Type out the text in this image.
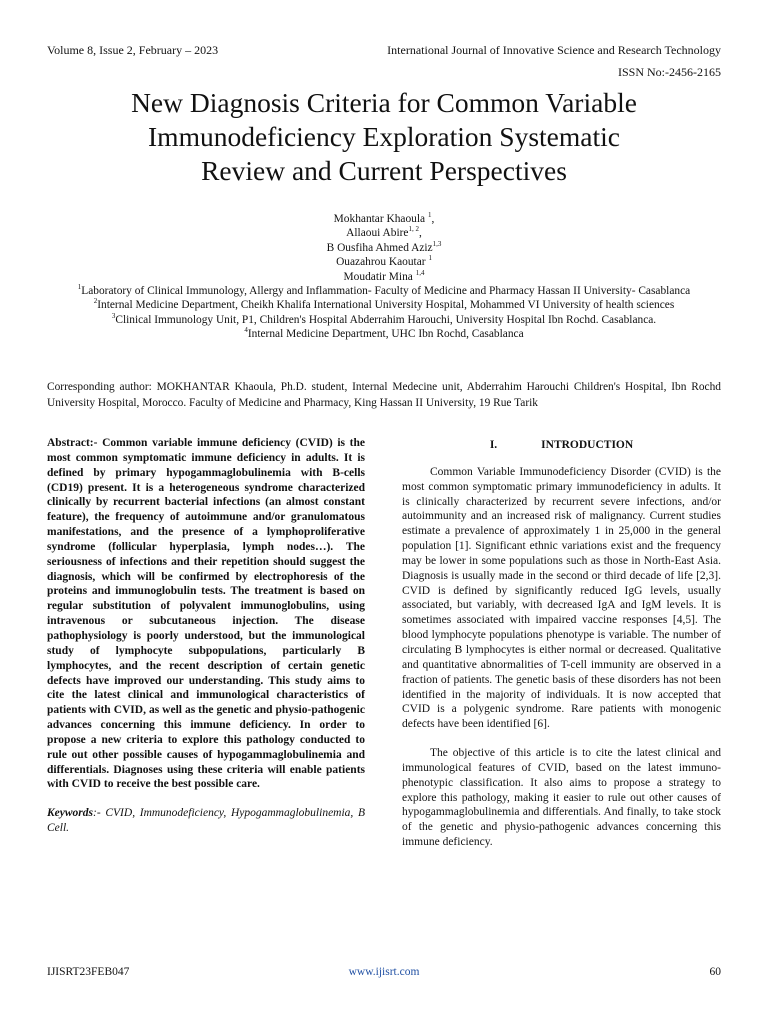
Volume 8, Issue 2, February – 2023	International Journal of Innovative Science and Research Technology
ISSN No:-2456-2165
New Diagnosis Criteria for Common Variable
Immunodeficiency Exploration Systematic
Review and Current Perspectives
Mokhantar Khaoula $^1$,
Allaoui Abire$^{1, 2}$,
B Ousfiha Ahmed Aziz$^{1,3}$
Ouazahrou Kaoutar $^1$
Moudatir Mina $^{1,4}$
$^1$Laboratory of Clinical Immunology, Allergy and Inflammation- Faculty of Medicine and Pharmacy Hassan II University- Casablanca
$^2$Internal Medicine Department, Cheikh Khalifa International University Hospital, Mohammed VI University of health sciences
$^3$Clinical Immunology Unit, P1, Children's Hospital Abderrahim Harouchi, University Hospital Ibn Rochd. Casablanca.
$^4$Internal Medicine Department, UHC Ibn Rochd, Casablanca
Corresponding author: MOKHANTAR Khaoula, Ph.D. student, Internal Medecine unit, Abderrahim Harouchi Children's Hospital, Ibn Rochd University Hospital, Morocco. Faculty of Medicine and Pharmacy, King Hassan II University, 19 Rue Tarik

Abstract:- Common variable immune deficiency (CVID) is the most common symptomatic immune deficiency in adults. It is defined by primary hypogammaglobulinemia with B-cells (CD19) present. It is a heterogeneous syndrome characterized clinically by recurrent bacterial infections (an almost constant feature), the frequency of autoimmune and/or granulomatous manifestations, and the presence of a lymphoproliferative syndrome (follicular hyperplasia, lymph nodes…). The seriousness of infections and their repetition should suggest the diagnosis, which will be confirmed by electrophoresis of the proteins and immunoglobulin tests. The treatment is based on regular substitution of polyvalent immunoglobulins, using intravenous or subcutaneous injection. The disease pathophysiology is poorly understood, but the immunological study of lymphocyte subpopulations, particularly B lymphocytes, and the recent description of certain genetic defects have improved our understanding. This study aims to cite the latest clinical and immunological characteristics of patients with CVID, as well as the genetic and physio-pathogenic advances concerning this immune deficiency. In order to propose a new criteria to explore this pathology conducted to rule out other possible causes of hypogammaglobulinemia and differentials. Diagnoses using these criteria will enable patients with CVID to receive the best possible care.

Keywords:- CVID, Immunodeficiency, Hypogammaglobulinemia, B Cell.

I.	INTRODUCTION

Common Variable Immunodeficiency Disorder (CVID) is the most common symptomatic primary immunodeficiency in adults. It is clinically characterized by recurrent severe infections, and/or autoimmunity and an increased risk of malignancy. Current studies estimate a prevalence of approximately 1 in 25,000 in the general population [1]. Significant ethnic variations exist and the frequency may be lower in some populations such as those in North-East Asia. Diagnosis is usually made in the second or third decade of life [2,3]. CVID is defined by significantly reduced IgG levels, usually associated, but variably, with decreased IgA and IgM levels. It is sometimes associated with impaired vaccine responses [4,5]. The blood lymphocyte populations phenotype is variable. The number of circulating B lymphocytes is either normal or decreased. Qualitative and quantitative abnormalities of T-cell immunity are observed in a fraction of patients. The genetic basis of these disorders has not been identified in the majority of individuals. It is now accepted that CVID is a polygenic syndrome. Rare patients with monogenic defects have been identified [6].

The objective of this article is to cite the latest clinical and immunological features of CVID, based on the latest immuno-phenotypic classification. It also aims to propose a strategy to explore this pathology, making it easier to rule out other causes of hypogammaglobulinemia and differentials. And finally, to take stock of the genetic and physio-pathogenic advances concerning this immune deficiency.

IJISRT23FEB047	www.ijisrt.com	60
